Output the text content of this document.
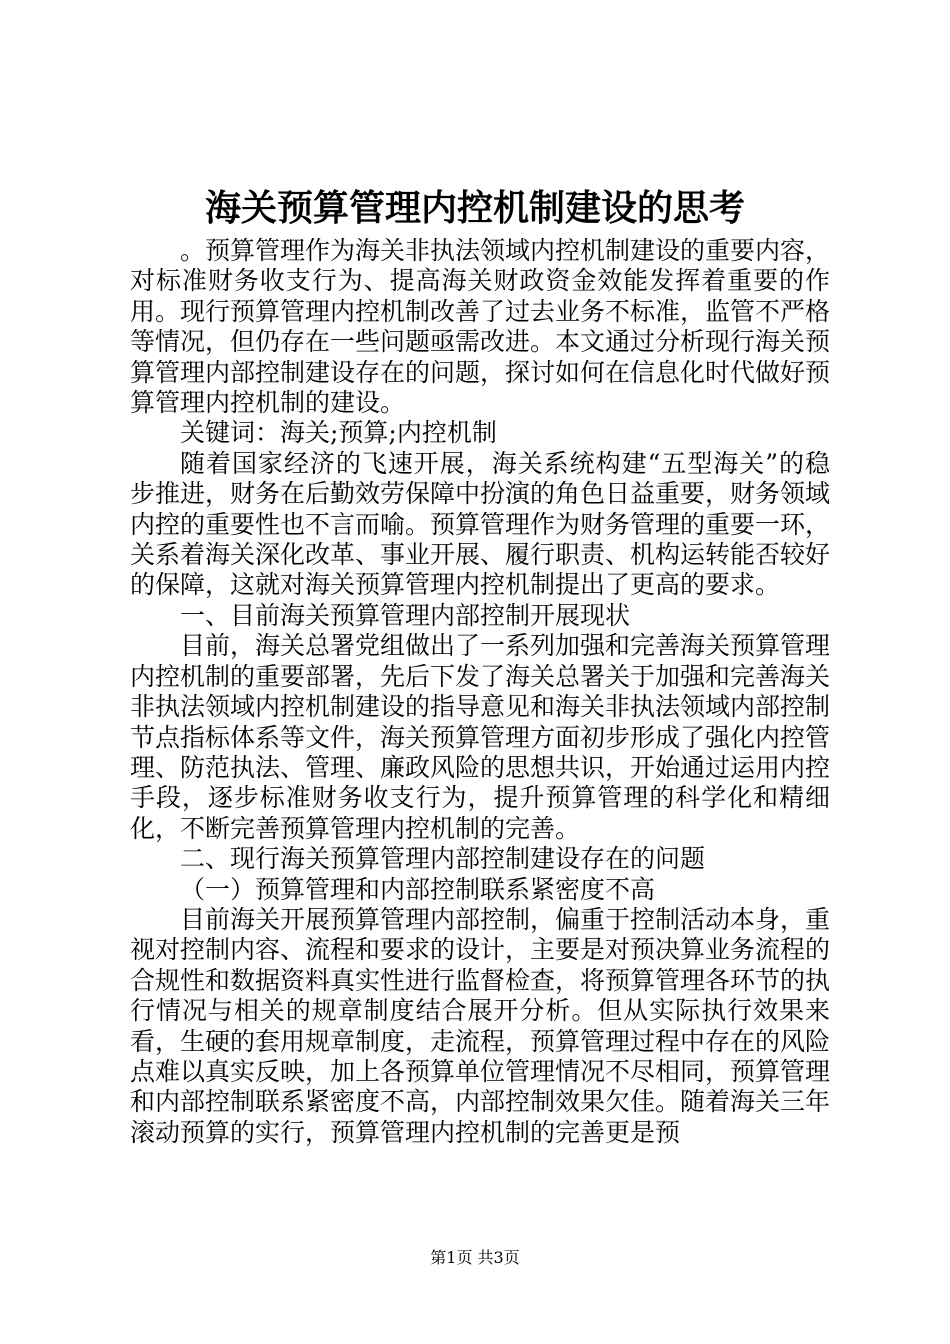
海关预算管理内控机制建设的思考

。预算管理作为海关非执法领域内控机制建设的重要内容，对标准财务收支行为、提高海关财政资金效能发挥着重要的作用。现行预算管理内控机制改善了过去业务不标准，监管不严格等情况，但仍存在一些问题亟需改进。本文通过分析现行海关预算管理内部控制建设存在的问题，探讨如何在信息化时代做好预算管理内控机制的建设。

关键词：海关;预算;内控机制

随着国家经济的飞速开展，海关系统构建“五型海关”的稳步推进，财务在后勤效劳保障中扮演的角色日益重要，财务领域内控的重要性也不言而喻。预算管理作为财务管理的重要一环，关系着海关深化改革、事业开展、履行职责、机构运转能否较好的保障，这就对海关预算管理内控机制提出了更高的要求。

一、目前海关预算管理内部控制开展现状

目前，海关总署党组做出了一系列加强和完善海关预算管理内控机制的重要部署，先后下发了海关总署关于加强和完善海关非执法领域内控机制建设的指导意见和海关非执法领域内部控制节点指标体系等文件，海关预算管理方面初步形成了强化内控管理、防范执法、管理、廉政风险的思想共识，开始通过运用内控手段，逐步标准财务收支行为，提升预算管理的科学化和精细化，不断完善预算管理内控机制的完善。

二、现行海关预算管理内部控制建设存在的问题

（一）预算管理和内部控制联系紧密度不高

目前海关开展预算管理内部控制，偏重于控制活动本身，重视对控制内容、流程和要求的设计，主要是对预决算业务流程的合规性和数据资料真实性进行监督检查，将预算管理各环节的执行情况与相关的规章制度结合展开分析。但从实际执行效果来看，生硬的套用规章制度，走流程，预算管理过程中存在的风险点难以真实反映，加上各预算单位管理情况不尽相同，预算管理和内部控制联系紧密度不高，内部控制效果欠佳。随着海关三年滚动预算的实行，预算管理内控机制的完善更是预

第1页 共3页
